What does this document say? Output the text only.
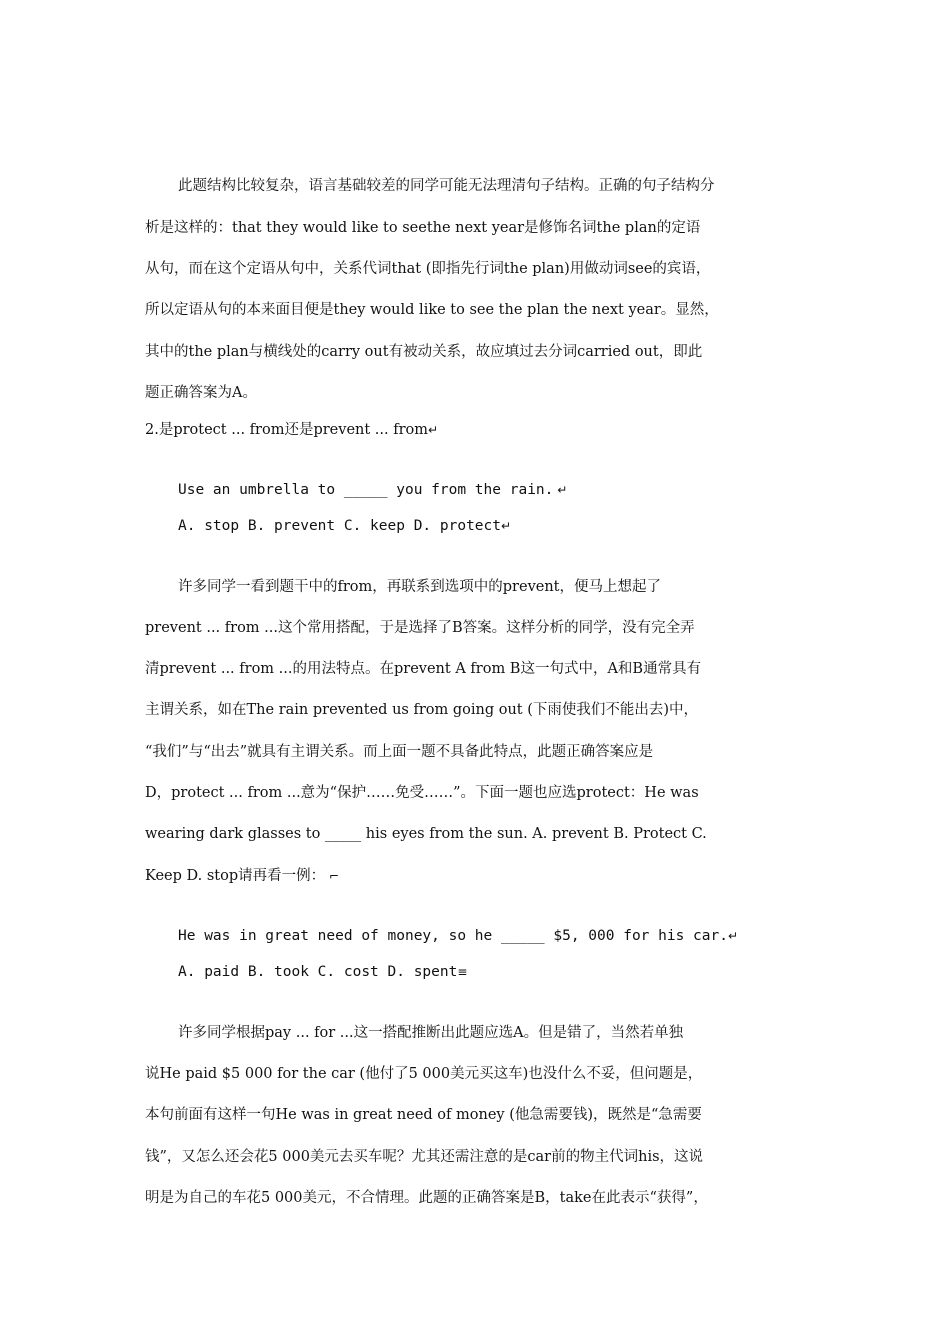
此题结构比较复杂，语言基础较差的同学可能无法理清句子结构。正确的句子结构分
析是这样的：that they would like to seethe next year是修饰名词the plan的定语
从句，而在这个定语从句中，关系代词that (即指先行词the plan)用做动词see的宾语，
所以定语从句的本来面目便是they would like to see the plan the next year。显然，
其中的the plan与横线处的carry out有被动关系，故应填过去分词carried out，即此
题正确答案为A。
2.是protect ... from还是prevent ... from↵
Use an umbrella to _____ you from the rain. ↵
A. stop B. prevent C. keep D. protect↵
许多同学一看到题干中的from，再联系到选项中的prevent，便马上想起了
prevent ... from ...这个常用搭配，于是选择了B答案。这样分析的同学，没有完全弄
清prevent ... from ...的用法特点。在prevent A from B这一句式中，A和B通常具有
主谓关系，如在The rain prevented us from going out (下雨使我们不能出去)中，
“我们”与“出去”就具有主谓关系。而上面一题不具备此特点，此题正确答案应是
D，protect ... from ...意为“保护……免受……”。下面一题也应选protect：He was
wearing dark glasses to _____ his eyes from the sun. A. prevent B. Protect C.
Keep D. stop请再看一例： ⌐
He was in great need of money, so he _____ $5, 000 for his car.↵
A. paid B. took C. cost D. spent≡
许多同学根据pay ... for ...这一搭配推断出此题应选A。但是错了，当然若单独
说He paid $5 000 for the car (他付了5 000美元买这车)也没什么不妥，但问题是，
本句前面有这样一句He was in great need of money (他急需要钱)，既然是“急需要
钱”，又怎么还会花5 000美元去买车呢？尤其还需注意的是car前的物主代词his，这说
明是为自己的车花5 000美元，不合情理。此题的正确答案是B，take在此表示“获得”，
